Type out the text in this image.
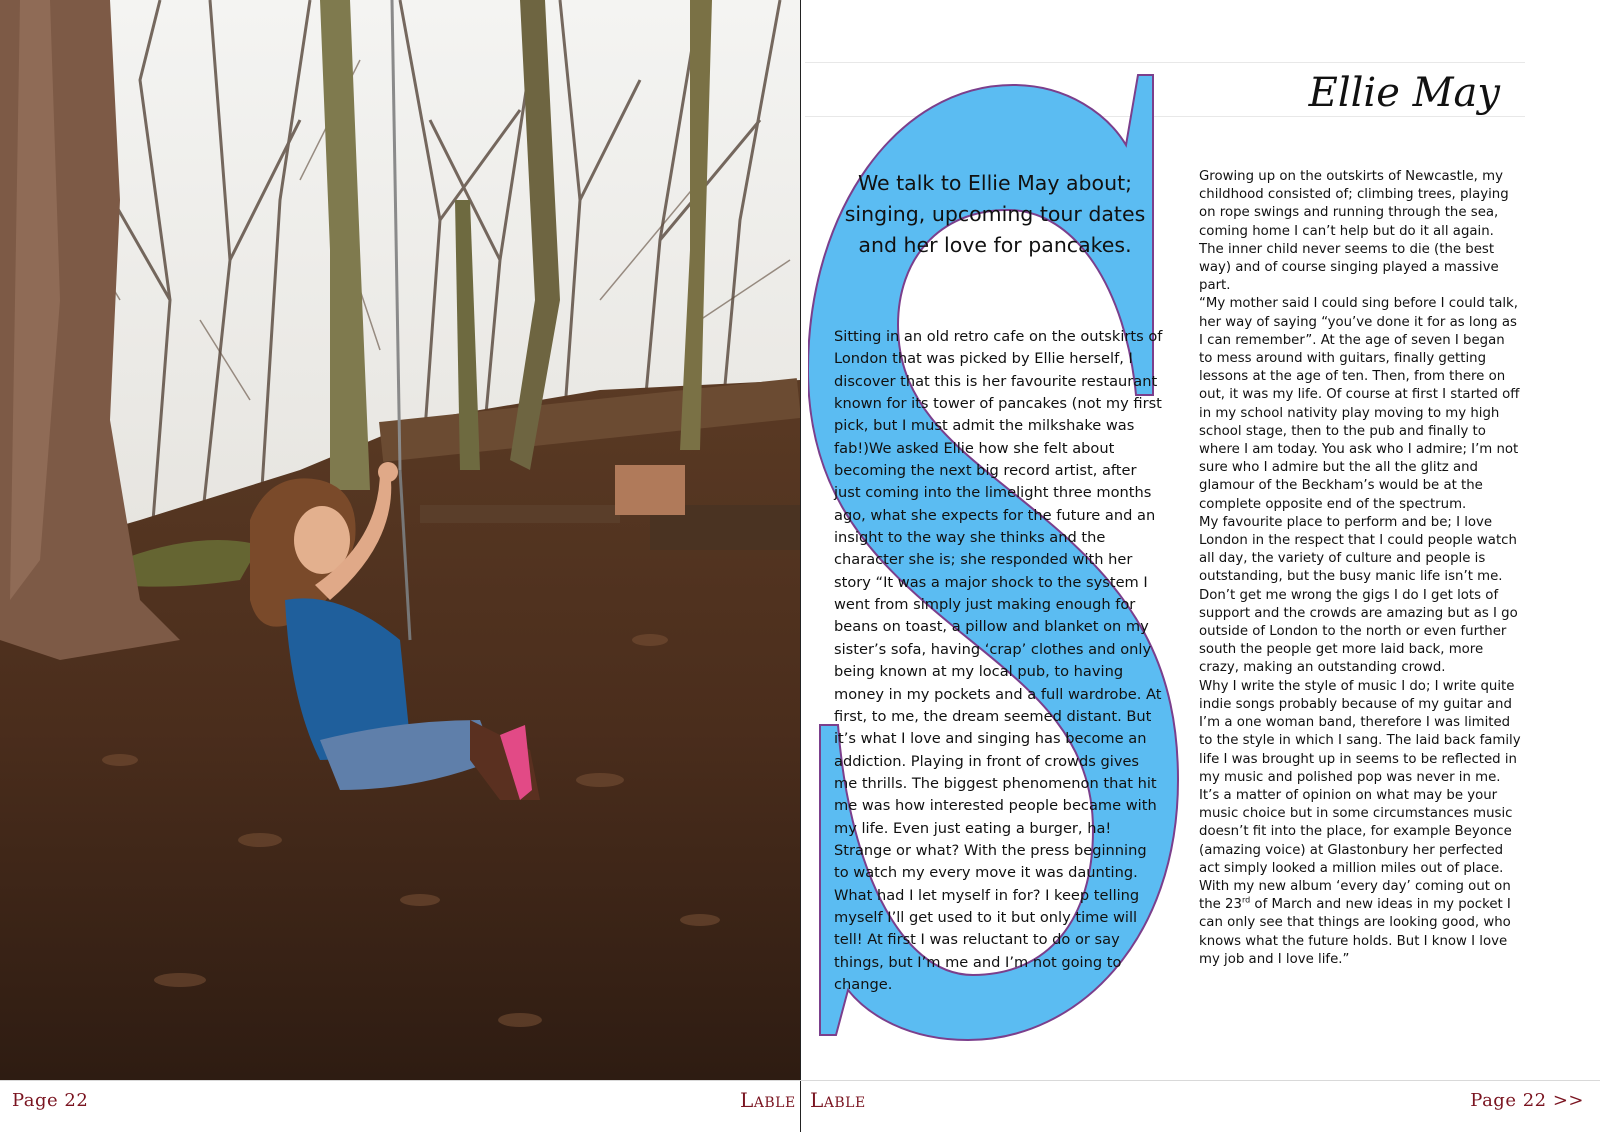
Page 22	LABLE
Ellie May
We talk to Ellie May about;
singing, upcoming tour dates
and her love for pancakes.

Sitting in an old retro cafe on the outskirts of London that was picked by Ellie herself, I discover that this is her favourite restaurant known for its tower of pancakes (not my first pick, but I must admit the milkshake was fab!)We asked Ellie how she felt about becoming the next big record artist, after just coming into the limelight three months ago, what she expects for the future and an insight to the way she thinks and the character she is; she responded with her story “It was a major shock to the system I went from simply just making enough for beans on toast, a pillow and blanket on my sister’s sofa, having ‘crap’ clothes and only being known at my local pub, to having money in my pockets and a full wardrobe. At first, to me, the dream seemed distant. But it’s what I love and singing has become an addiction. Playing in front of crowds gives me thrills. The biggest phenomenon that hit me was how interested people became with my life. Even just eating a burger, ha! Strange or what? With the press beginning to watch my every move it was daunting. What had I let myself in for? I keep telling myself I’ll get used to it but only time will tell! At first I was reluctant to do or say things, but I’m me and I’m not going to change.

Growing up on the outskirts of Newcastle, my childhood consisted of; climbing trees, playing on rope swings and running through the sea, coming home I can’t help but do it all again. The inner child never seems to die (the best way) and of course singing played a massive part.

“My mother said I could sing before I could talk, her way of saying “you’ve done it for as long as I can remember”. At the age of seven I began to mess around with guitars, finally getting lessons at the age of ten. Then, from there on out, it was my life. Of course at first I started off in my school nativity play moving to my high school stage, then to the pub and finally to where I am today. You ask who I admire; I’m not sure who I admire but the all the glitz and glamour of the Beckham’s would be at the complete opposite end of the spectrum.

My favourite place to perform and be; I love London in the respect that I could people watch all day, the variety of culture and people is outstanding, but the busy manic life isn’t me. Don’t get me wrong the gigs I do I get lots of support and the crowds are amazing but as I go outside of London to the north or even further south the people get more laid back, more crazy, making an outstanding crowd.

Why I write the style of music I do; I write quite indie songs probably because of my guitar and I’m a one woman band, therefore I was limited to the style in which I sang. The laid back family life I was brought up in seems to be reflected in my music and polished pop was never in me. It’s a matter of opinion on what may be your music choice but in some circumstances music doesn’t fit into the place, for example Beyonce (amazing voice) at Glastonbury her perfected act simply looked a million miles out of place.

With my new album ‘every day’ coming out on the 23rd of March and new ideas in my pocket I can only see that things are looking good, who knows what the future holds. But I know I love my job and I love life.”

LABLE	Page 22 >>
